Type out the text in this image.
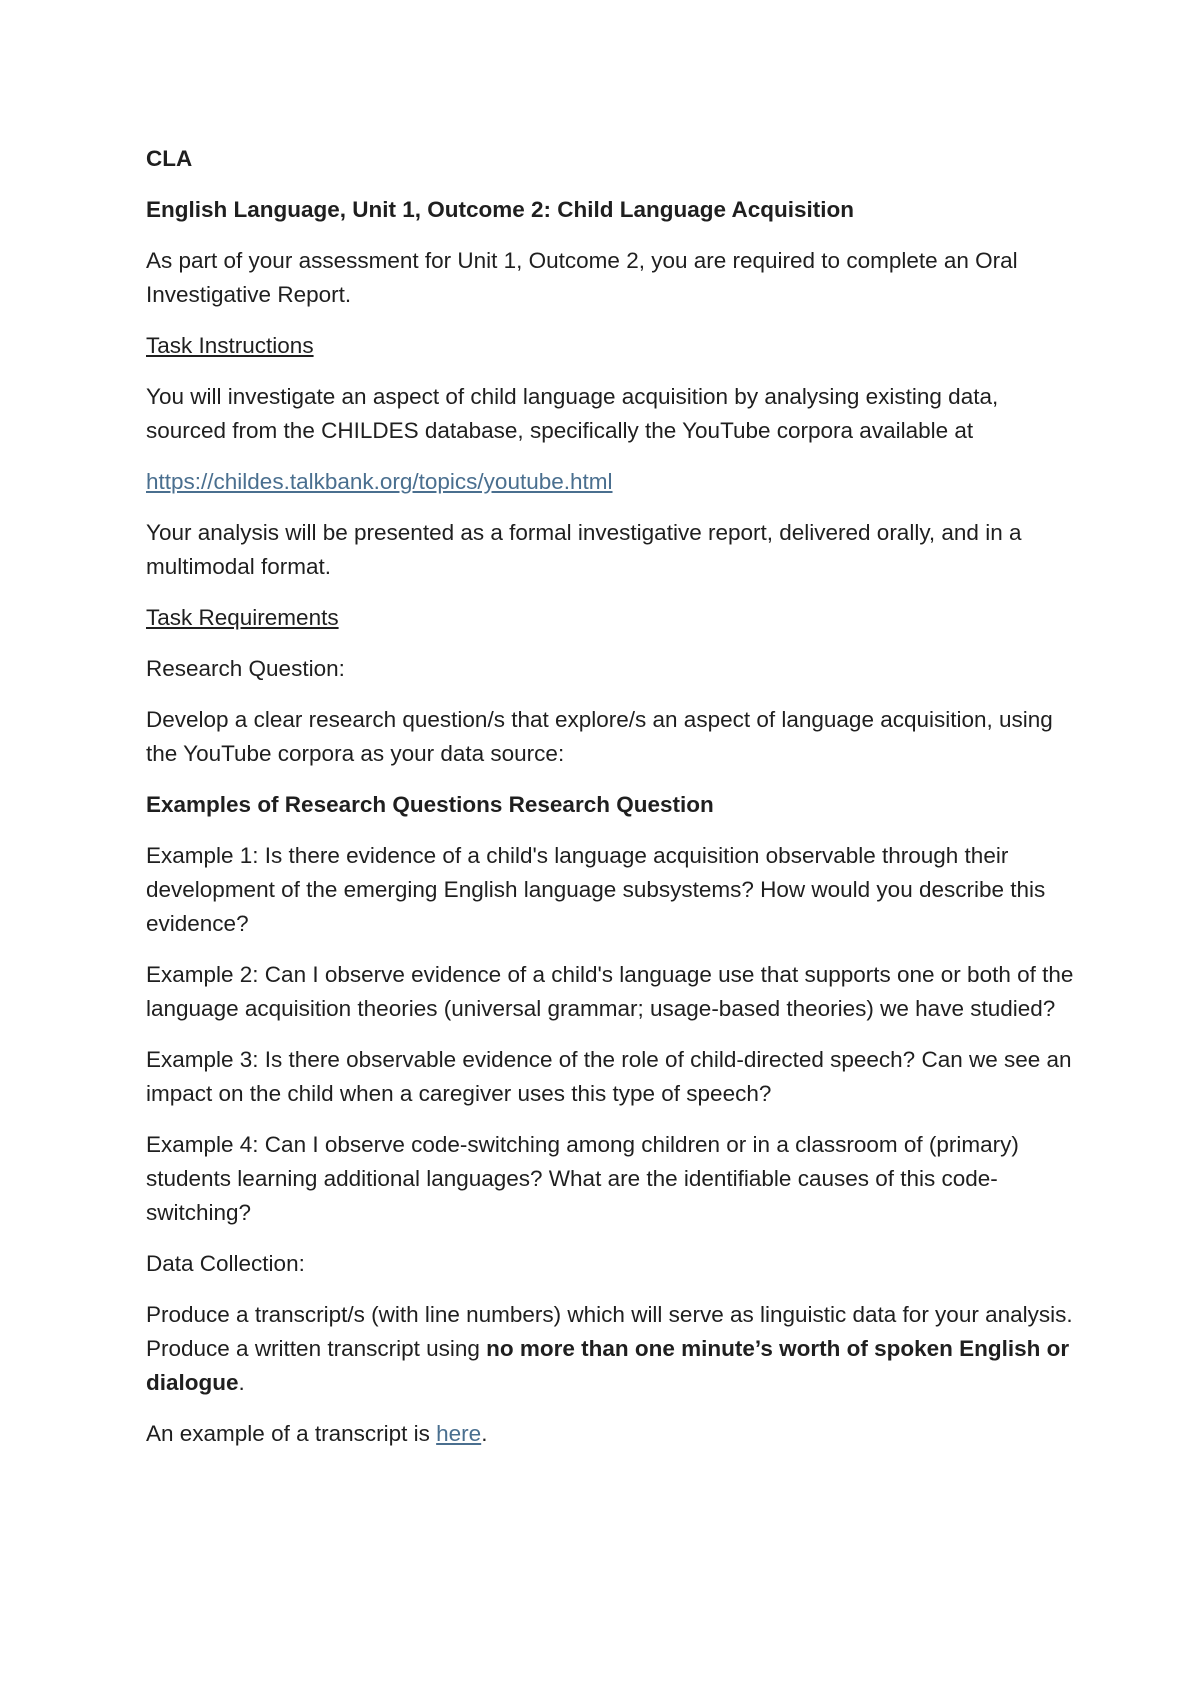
CLA

English Language, Unit 1, Outcome 2: Child Language Acquisition

As part of your assessment for Unit 1, Outcome 2, you are required to complete an Oral Investigative Report.

Task Instructions

You will investigate an aspect of child language acquisition by analysing existing data, sourced from the CHILDES database, specifically the YouTube corpora available at

https://childes.talkbank.org/topics/youtube.html

Your analysis will be presented as a formal investigative report, delivered orally, and in a multimodal format.

Task Requirements

Research Question:

Develop a clear research question/s that explore/s an aspect of language acquisition, using the YouTube corpora as your data source:

Examples of Research Questions Research Question

Example 1: Is there evidence of a child's language acquisition observable through their development of the emerging English language subsystems? How would you describe this evidence?

Example 2: Can I observe evidence of a child's language use that supports one or both of the language acquisition theories (universal grammar; usage-based theories) we have studied?

Example 3: Is there observable evidence of the role of child-directed speech? Can we see an impact on the child when a caregiver uses this type of speech?

Example 4: Can I observe code-switching among children or in a classroom of (primary) students learning additional languages? What are the identifiable causes of this code-switching?

Data Collection:

Produce a transcript/s (with line numbers) which will serve as linguistic data for your analysis. Produce a written transcript using no more than one minute’s worth of spoken English or dialogue.

An example of a transcript is here.
